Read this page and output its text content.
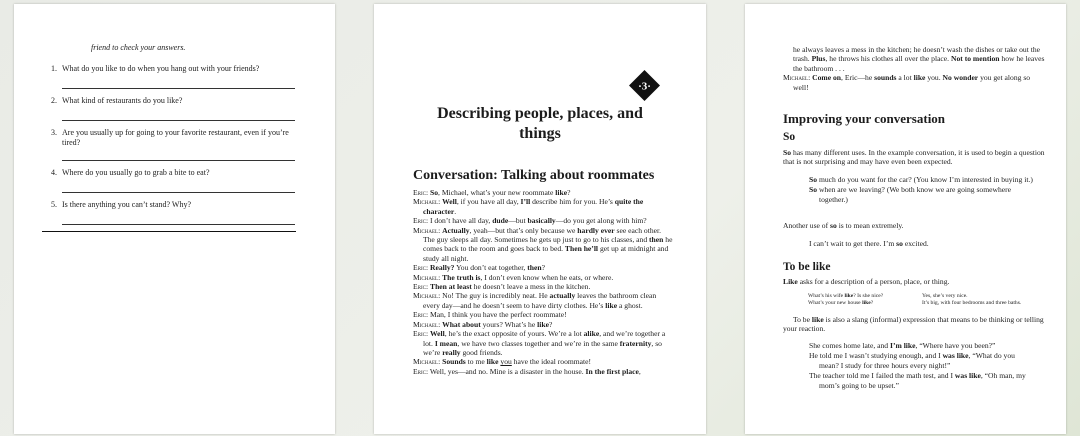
friend to check your answers.
1. What do you like to do when you hang out with your friends?
2. What kind of restaurants do you like?
3. Are you usually up for going to your favorite restaurant, even if you’re tired?
4. Where do you usually go to grab a bite to eat?
5. Is there anything you can’t stand? Why?
·3·
Describing people, places, and things
Conversation: Talking about roommates

Eric: So, Michael, what’s your new roommate like?

Michael: Well, if you have all day, I’ll describe him for you. He’s quite the character.

Eric: I don’t have all day, dude—but basically—do you get along with him?

Michael: Actually, yeah—but that’s only because we hardly ever see each other. The guy sleeps all day. Sometimes he gets up just to go to his classes, and then he comes back to the room and goes back to bed. Then he’ll get up at midnight and study all night.

Eric: Really? You don’t eat together, then?

Michael: The truth is, I don’t even know when he eats, or where.

Eric: Then at least he doesn’t leave a mess in the kitchen.

Michael: No! The guy is incredibly neat. He actually leaves the bathroom clean every day—and he doesn’t seem to have dirty clothes. He’s like a ghost.

Eric: Man, I think you have the perfect roommate!

Michael: What about yours? What’s he like?

Eric: Well, he’s the exact opposite of yours. We’re a lot alike, and we’re together a lot. I mean, we have two classes together and we’re in the same fraternity, so we’re really good friends.

Michael: Sounds to me like you have the ideal roommate!

Eric: Well, yes—and no. Mine is a disaster in the house. In the first place,

he always leaves a mess in the kitchen; he doesn’t wash the dishes or take out the trash. Plus, he throws his clothes all over the place. Not to mention how he leaves the bathroom . . .

Michael: Come on, Eric—he sounds a lot like you. No wonder you get along so well!

Improving your conversation
So
So has many different uses. In the example conversation, it is used to begin a question that is not surprising and may have even been expected.

So much do you want for the car? (You know I’m interested in buying it.)

So when are we leaving? (We both know we are going somewhere together.)

Another use of so is to mean extremely.

I can’t wait to get there. I’m so excited.

To be like
Like asks for a description of a person, place, or thing.
What’s his wife like? Is she nice?	Yes, she’s very nice.
What’s your new house like?	It’s big, with four bedrooms and three baths.
To be like is also a slang (informal) expression that means to be thinking or telling your reaction.

She comes home late, and I’m like, “Where have you been?”

He told me I wasn’t studying enough, and I was like, “What do you mean? I study for three hours every night!”

The teacher told me I failed the math test, and I was like, “Oh man, my mom’s going to be upset.”
